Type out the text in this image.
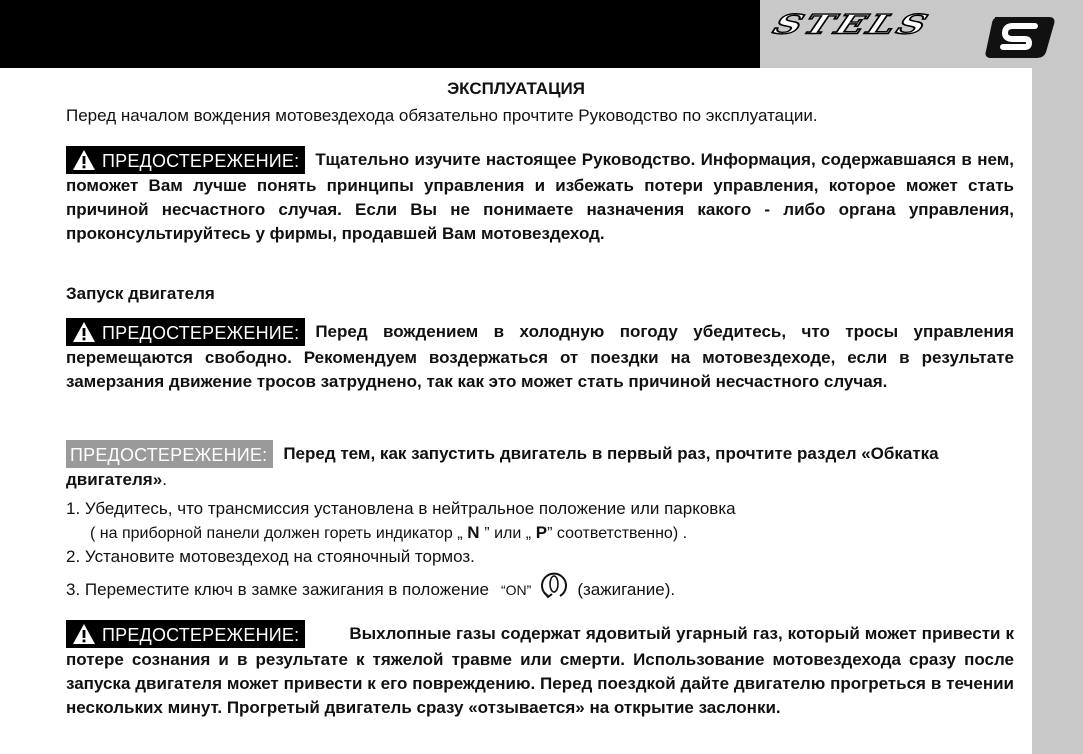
STELS
ЭКСПЛУАТАЦИЯ
Перед началом вождения мотовездехода обязательно прочтите Руководство по эксплуатации.
ПРЕДОСТЕРЕЖЕНИЕ: Тщательно изучите настоящее Руководство. Информация, содержавшаяся в нем, поможет Вам лучше понять принципы управления и избежать потери управления, которое может стать причиной несчастного случая. Если Вы не понимаете назначения какого - либо органа управления, проконсультируйтесь у фирмы, продавшей Вам мотовездеход.
Запуск двигателя
ПРЕДОСТЕРЕЖЕНИЕ: Перед вождением в холодную погоду убедитесь, что тросы управления перемещаются свободно. Рекомендуем воздержаться от поездки на мотовездеходе, если в результате замерзания движение тросов затруднено, так как это может стать причиной несчастного случая.
ПРЕДОСТЕРЕЖЕНИЕ: Перед тем, как запустить двигатель в первый раз, прочтите раздел «Обкатка двигателя».
1. Убедитесь, что трансмиссия установлена в нейтральное положение или парковка
( на приборной панели должен гореть индикатор „ N ” или „ P” соответственно) .
2. Установите мотовездеход на стояночный тормоз.
3. Переместите ключ в замке зажигания в положение “ON”	(зажигание).
ПРЕДОСТЕРЕЖЕНИЕ:	Выхлопные газы содержат ядовитый угарный газ, который может привести к потере сознания и в результате к тяжелой травме или смерти. Использование мотовездехода сразу после запуска двигателя может привести к его повреждению. Перед поездкой дайте двигателю прогреться в течении нескольких минут. Прогретый двигатель сразу «отзывается» на открытие заслонки.
